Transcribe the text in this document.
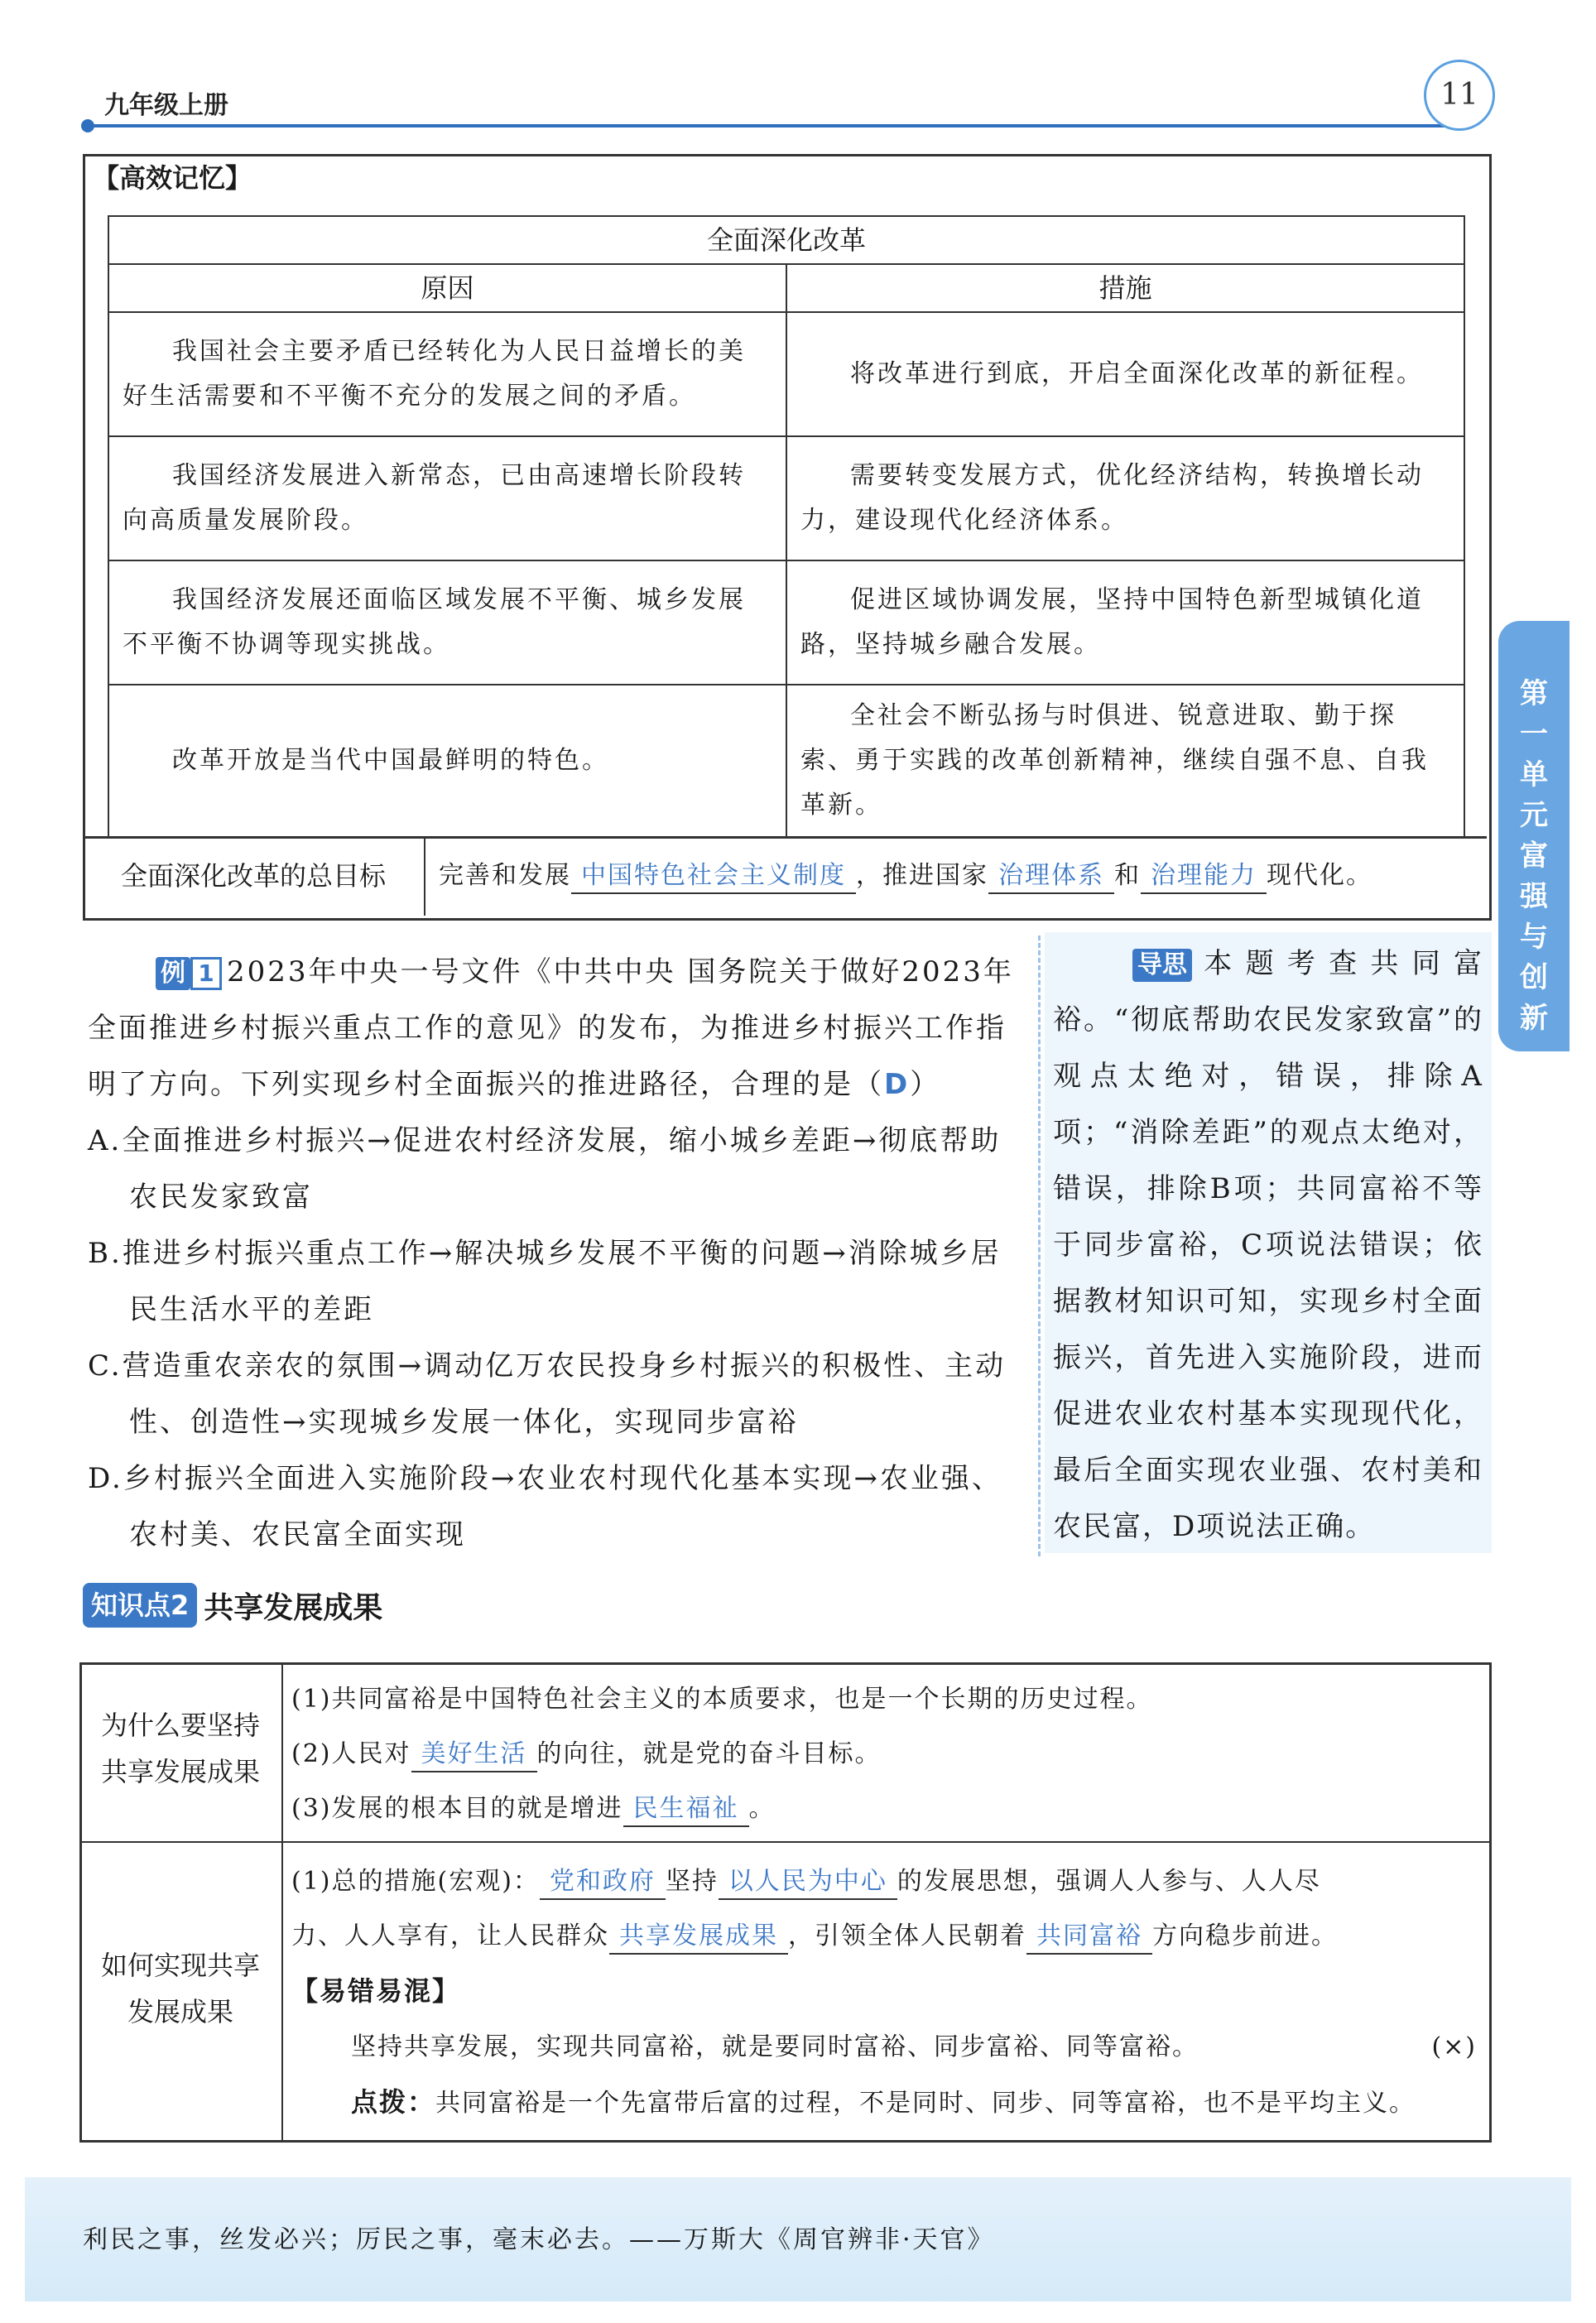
九年级上册	11
第
一
单
元
富
强
与
创
新
【高效记忆】
全面深化改革	
原因	措施
我国社会主要矛盾已经转化为人民日益增长的美好生活需要和不平衡不充分的发展之间的矛盾。	将改革进行到底，开启全面深化改革的新征程。
我国经济发展进入新常态，已由高速增长阶段转向高质量发展阶段。	需要转变发展方式，优化经济结构，转换增长动力，建设现代化经济体系。
我国经济发展还面临区域发展不平衡、城乡发展不平衡不协调等现实挑战。	促进区域协调发展，坚持中国特色新型城镇化道路，坚持城乡融合发展。
改革开放是当代中国最鲜明的特色。	全社会不断弘扬与时俱进、锐意进取、勤于探索、勇于实践的改革创新精神，继续自强不息、自我革新。
全面深化改革的总目标	完善和发展 中国特色社会主义制度 ，推进国家 治理体系 和 治理能力 现代化。

例 1 2023年中央一号文件《中共中央 国务院关于做好2023年全面推进乡村振兴重点工作的意见》的发布，为推进乡村振兴工作指明了方向。下列实现乡村全面振兴的推进路径，合理的是（D）

A.全面推进乡村振兴→促进农村经济发展，缩小城乡差距→彻底帮助农民发家致富

B.推进乡村振兴重点工作→解决城乡发展不平衡的问题→消除城乡居民生活水平的差距

C.营造重农亲农的氛围→调动亿万农民投身乡村振兴的积极性、主动性、创造性→实现城乡发展一体化，实现同步富裕

D.乡村振兴全面进入实施阶段→农业农村现代化基本实现→农业强、农村美、农民富全面实现

导思 本题考查共同富裕。“彻底帮助农民发家致富”的观点太绝对，错误，排除A项；“消除差距”的观点太绝对，错误，排除B项；共同富裕不等于同步富裕，C项说法错误；依据教材知识可知，实现乡村全面振兴，首先进入实施阶段，进而促进农业农村基本实现现代化，最后全面实现农业强、农村美和农民富，D项说法正确。

知识点2 共享发展成果
为什么要坚持
共享发展成果

(1)共同富裕是中国特色社会主义的本质要求，也是一个长期的历史过程。

(2)人民对 美好生活 的向往，就是党的奋斗目标。

(3)发展的根本目的就是增进 民生福祉 。

如何实现共享
发展成果

(1)总的措施(宏观)： 党和政府 坚持 以人民为中心 的发展思想，强调人人参与、人人尽

力、人人享有，让人民群众 共享发展成果 ，引领全体人民朝着 共同富裕 方向稳步前进。

【易错易混】

坚持共享发展，实现共同富裕，就是要同时富裕、同步富裕、同等富裕。	(×)

点拨：共同富裕是一个先富带后富的过程，不是同时、同步、同等富裕，也不是平均主义。

利民之事，丝发必兴；厉民之事，毫末必去。——万斯大《周官辨非·天官》
